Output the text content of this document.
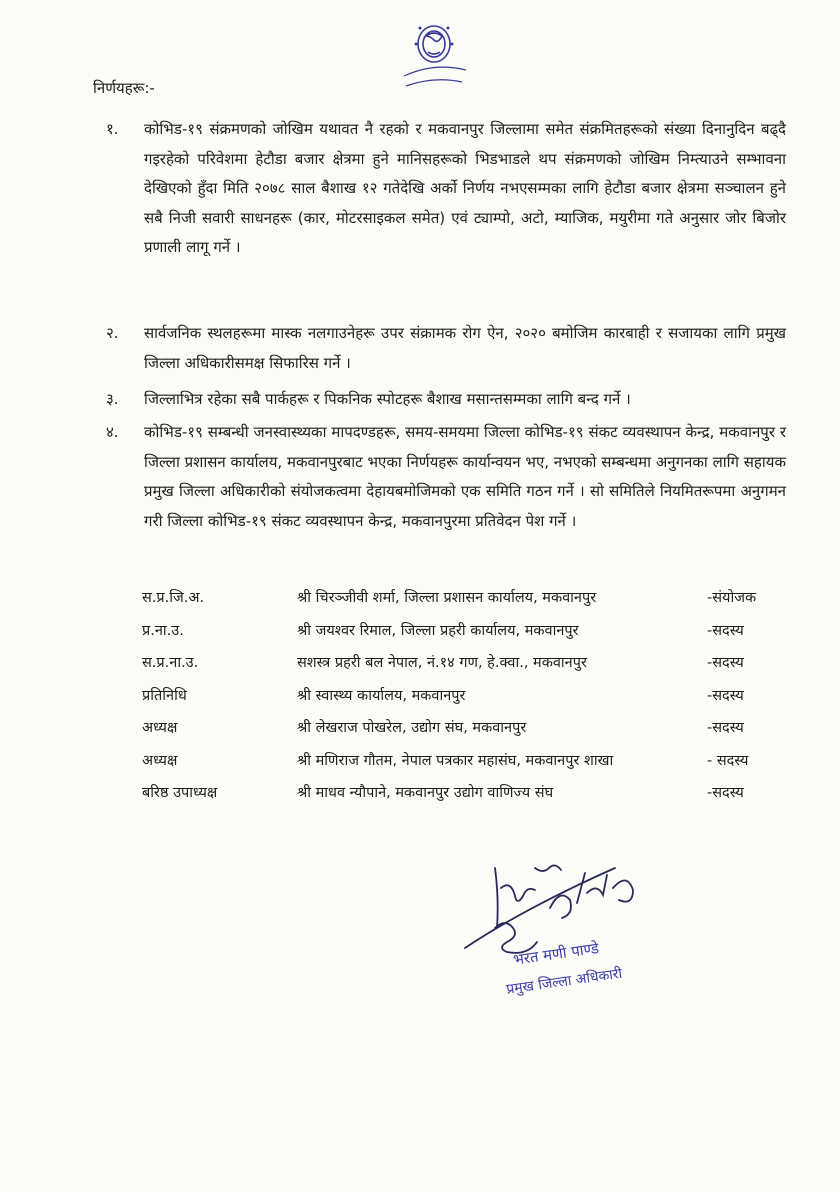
निर्णयहरू:-
१. कोभिड-१९ संक्रमणको जोखिम यथावत नै रहको र मकवानपुर जिल्लामा समेत संक्रमितहरूको संख्या दिनानुदिन बढ्दै गइरहेको परिवेशमा हेटौडा बजार क्षेत्रमा हुने मानिसहरूको भिडभाडले थप संक्रमणको जोखिम निम्त्याउने सम्भावना देखिएको हुँदा मिति २०७८ साल बैशाख १२ गतेदेखि अर्को निर्णय नभएसम्मका लागि हेटौडा बजार क्षेत्रमा सञ्चालन हुने सबै निजी सवारी साधनहरू (कार, मोटरसाइकल समेत) एवं ट्याम्पो, अटो, म्याजिक, मयुरीमा गते अनुसार जोर बिजोर प्रणाली लागू गर्ने ।
२. सार्वजनिक स्थलहरूमा मास्क नलगाउनेहरू उपर संक्रामक रोग ऐन, २०२० बमोजिम कारबाही र सजायका लागि प्रमुख जिल्ला अधिकारीसमक्ष सिफारिस गर्ने ।
३. जिल्लाभित्र रहेका सबै पार्कहरू र पिकनिक स्पोटहरू बैशाख मसान्तसम्मका लागि बन्द गर्ने ।
४. कोभिड-१९ सम्बन्धी जनस्वास्थ्यका मापदण्डहरू, समय-समयमा जिल्ला कोभिड-१९ संकट व्यवस्थापन केन्द्र, मकवानपुर र जिल्ला प्रशासन कार्यालय, मकवानपुरबाट भएका निर्णयहरू कार्यान्वयन भए, नभएको सम्बन्धमा अनुगनका लागि सहायक प्रमुख जिल्ला अधिकारीको संयोजकत्वमा देहायबमोजिमको एक समिति गठन गर्ने । सो समितिले नियमितरूपमा अनुगमन गरी जिल्ला कोभिड-१९ संकट व्यवस्थापन केन्द्र, मकवानपुरमा प्रतिवेदन पेश गर्ने ।
स.प्र.जि.अ.	श्री चिरञ्जीवी शर्मा, जिल्ला प्रशासन कार्यालय, मकवानपुर	-संयोजक
प्र.ना.उ.	श्री जयश्वर रिमाल, जिल्ला प्रहरी कार्यालय, मकवानपुर	-सदस्य
स.प्र.ना.उ.	सशस्त्र प्रहरी बल नेपाल, नं.१४ गण, हे.क्वा., मकवानपुर	-सदस्य
प्रतिनिधि	श्री स्वास्थ्य कार्यालय, मकवानपुर	-सदस्य
अध्यक्ष	श्री लेखराज पोखरेल, उद्योग संघ, मकवानपुर	-सदस्य
अध्यक्ष	श्री मणिराज गौतम, नेपाल पत्रकार महासंघ, मकवानपुर शाखा	- सदस्य
बरिष्ठ उपाध्यक्ष	श्री माधव न्यौपाने, मकवानपुर उद्योग वाणिज्य संघ	-सदस्य
भरत मणी पाण्डे
प्रमुख जिल्ला अधिकारी
